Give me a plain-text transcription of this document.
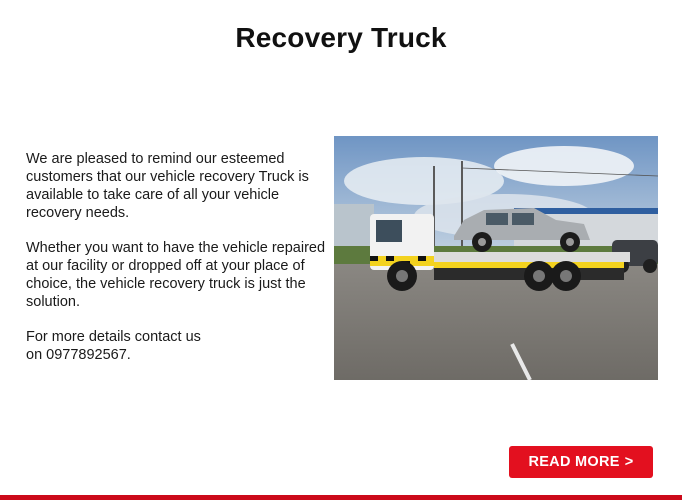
Recovery Truck

We are pleased to remind our esteemed customers that our vehicle recovery Truck is available to take care of all your vehicle recovery needs.

Whether you want to have the vehicle repaired at our facility or dropped off at your place of choice, the vehicle recovery truck is just the solution.

For more details contact us
on 0977892567.

READ MORE >
